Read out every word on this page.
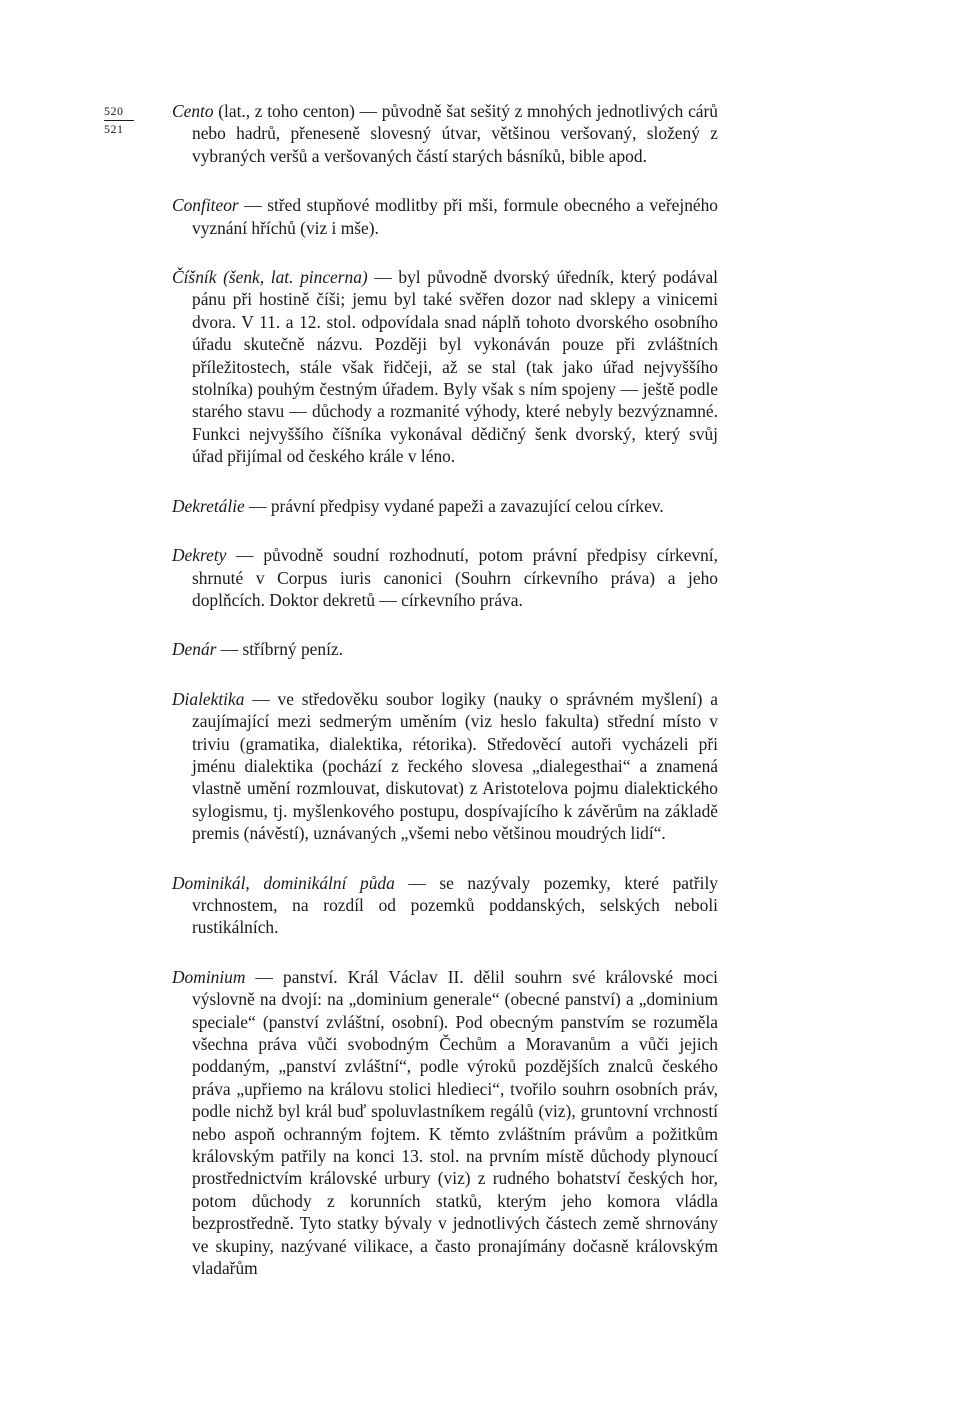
520
521

Cento (lat., z toho centon) — původně šat sešitý z mnohých jednotlivých cárů nebo hadrů, přeneseně slovesný útvar, většinou veršovaný, složený z vybraných veršů a veršovaných částí starých básníků, bible apod.

Confiteor — střed stupňové modlitby při mši, formule obecného a veřejného vyznání hříchů (viz i mše).

Číšník (šenk, lat. pincerna) — byl původně dvorský úředník, který podával pánu při hostině číši; jemu byl také svěřen dozor nad sklepy a vinicemi dvora. V 11. a 12. stol. odpovídala snad náplň tohoto dvorského osobního úřadu skutečně názvu. Později byl vykonáván pouze při zvláštních příležitostech, stále však řidčeji, až se stal (tak jako úřad nejvyššího stolníka) pouhým čestným úřadem. Byly však s ním spojeny — ještě podle starého stavu — důchody a rozmanité výhody, které nebyly bezvýznamné. Funkci nejvyššího číšníka vykonával dědičný šenk dvorský, který svůj úřad přijímal od českého krále v léno.

Dekretálie — právní předpisy vydané papeži a zavazující celou církev.

Dekrety — původně soudní rozhodnutí, potom právní předpisy církevní, shrnuté v Corpus iuris canonici (Souhrn církevního práva) a jeho doplňcích. Doktor dekretů — církevního práva.

Denár — stříbrný peníz.

Dialektika — ve středověku soubor logiky (nauky o správném myšlení) a zaujímající mezi sedmerým uměním (viz heslo fakulta) střední místo v triviu (gramatika, dialektika, rétorika). Středověcí autoři vycházeli při jménu dialektika (pochází z řeckého slovesa „dialegesthai“ a znamená vlastně umění rozmlouvat, diskutovat) z Aristotelova pojmu dialektického sylogismu, tj. myšlenkového postupu, dospívajícího k závěrům na základě premis (návěstí), uznávaných „všemi nebo většinou moudrých lidí“.

Dominikál, dominikální půda — se nazývaly pozemky, které patřily vrchnostem, na rozdíl od pozemků poddanských, selských neboli rustikálních.

Dominium — panství. Král Václav II. dělil souhrn své královské moci výslovně na dvojí: na „dominium generale“ (obecné panství) a „dominium speciale“ (panství zvláštní, osobní). Pod obecným panstvím se rozuměla všechna práva vůči svobodným Čechům a Moravanům a vůči jejich poddaným, „panství zvláštní“, podle výroků pozdějších znalců českého práva „upřiemo na královu stolici hledieci“, tvořilo souhrn osobních práv, podle nichž byl král buď spoluvlastníkem regálů (viz), gruntovní vrchností nebo aspoň ochranným fojtem. K těmto zvláštním právům a požitkům královským patřily na konci 13. stol. na prvním místě důchody plynoucí prostřednictvím královské urbury (viz) z rudného bohatství českých hor, potom důchody z korunních statků, kterým jeho komora vládla bezprostředně. Tyto statky bývaly v jednotlivých částech země shrnovány ve skupiny, nazývané vilikace, a často pronajímány dočasně královským vladařům
